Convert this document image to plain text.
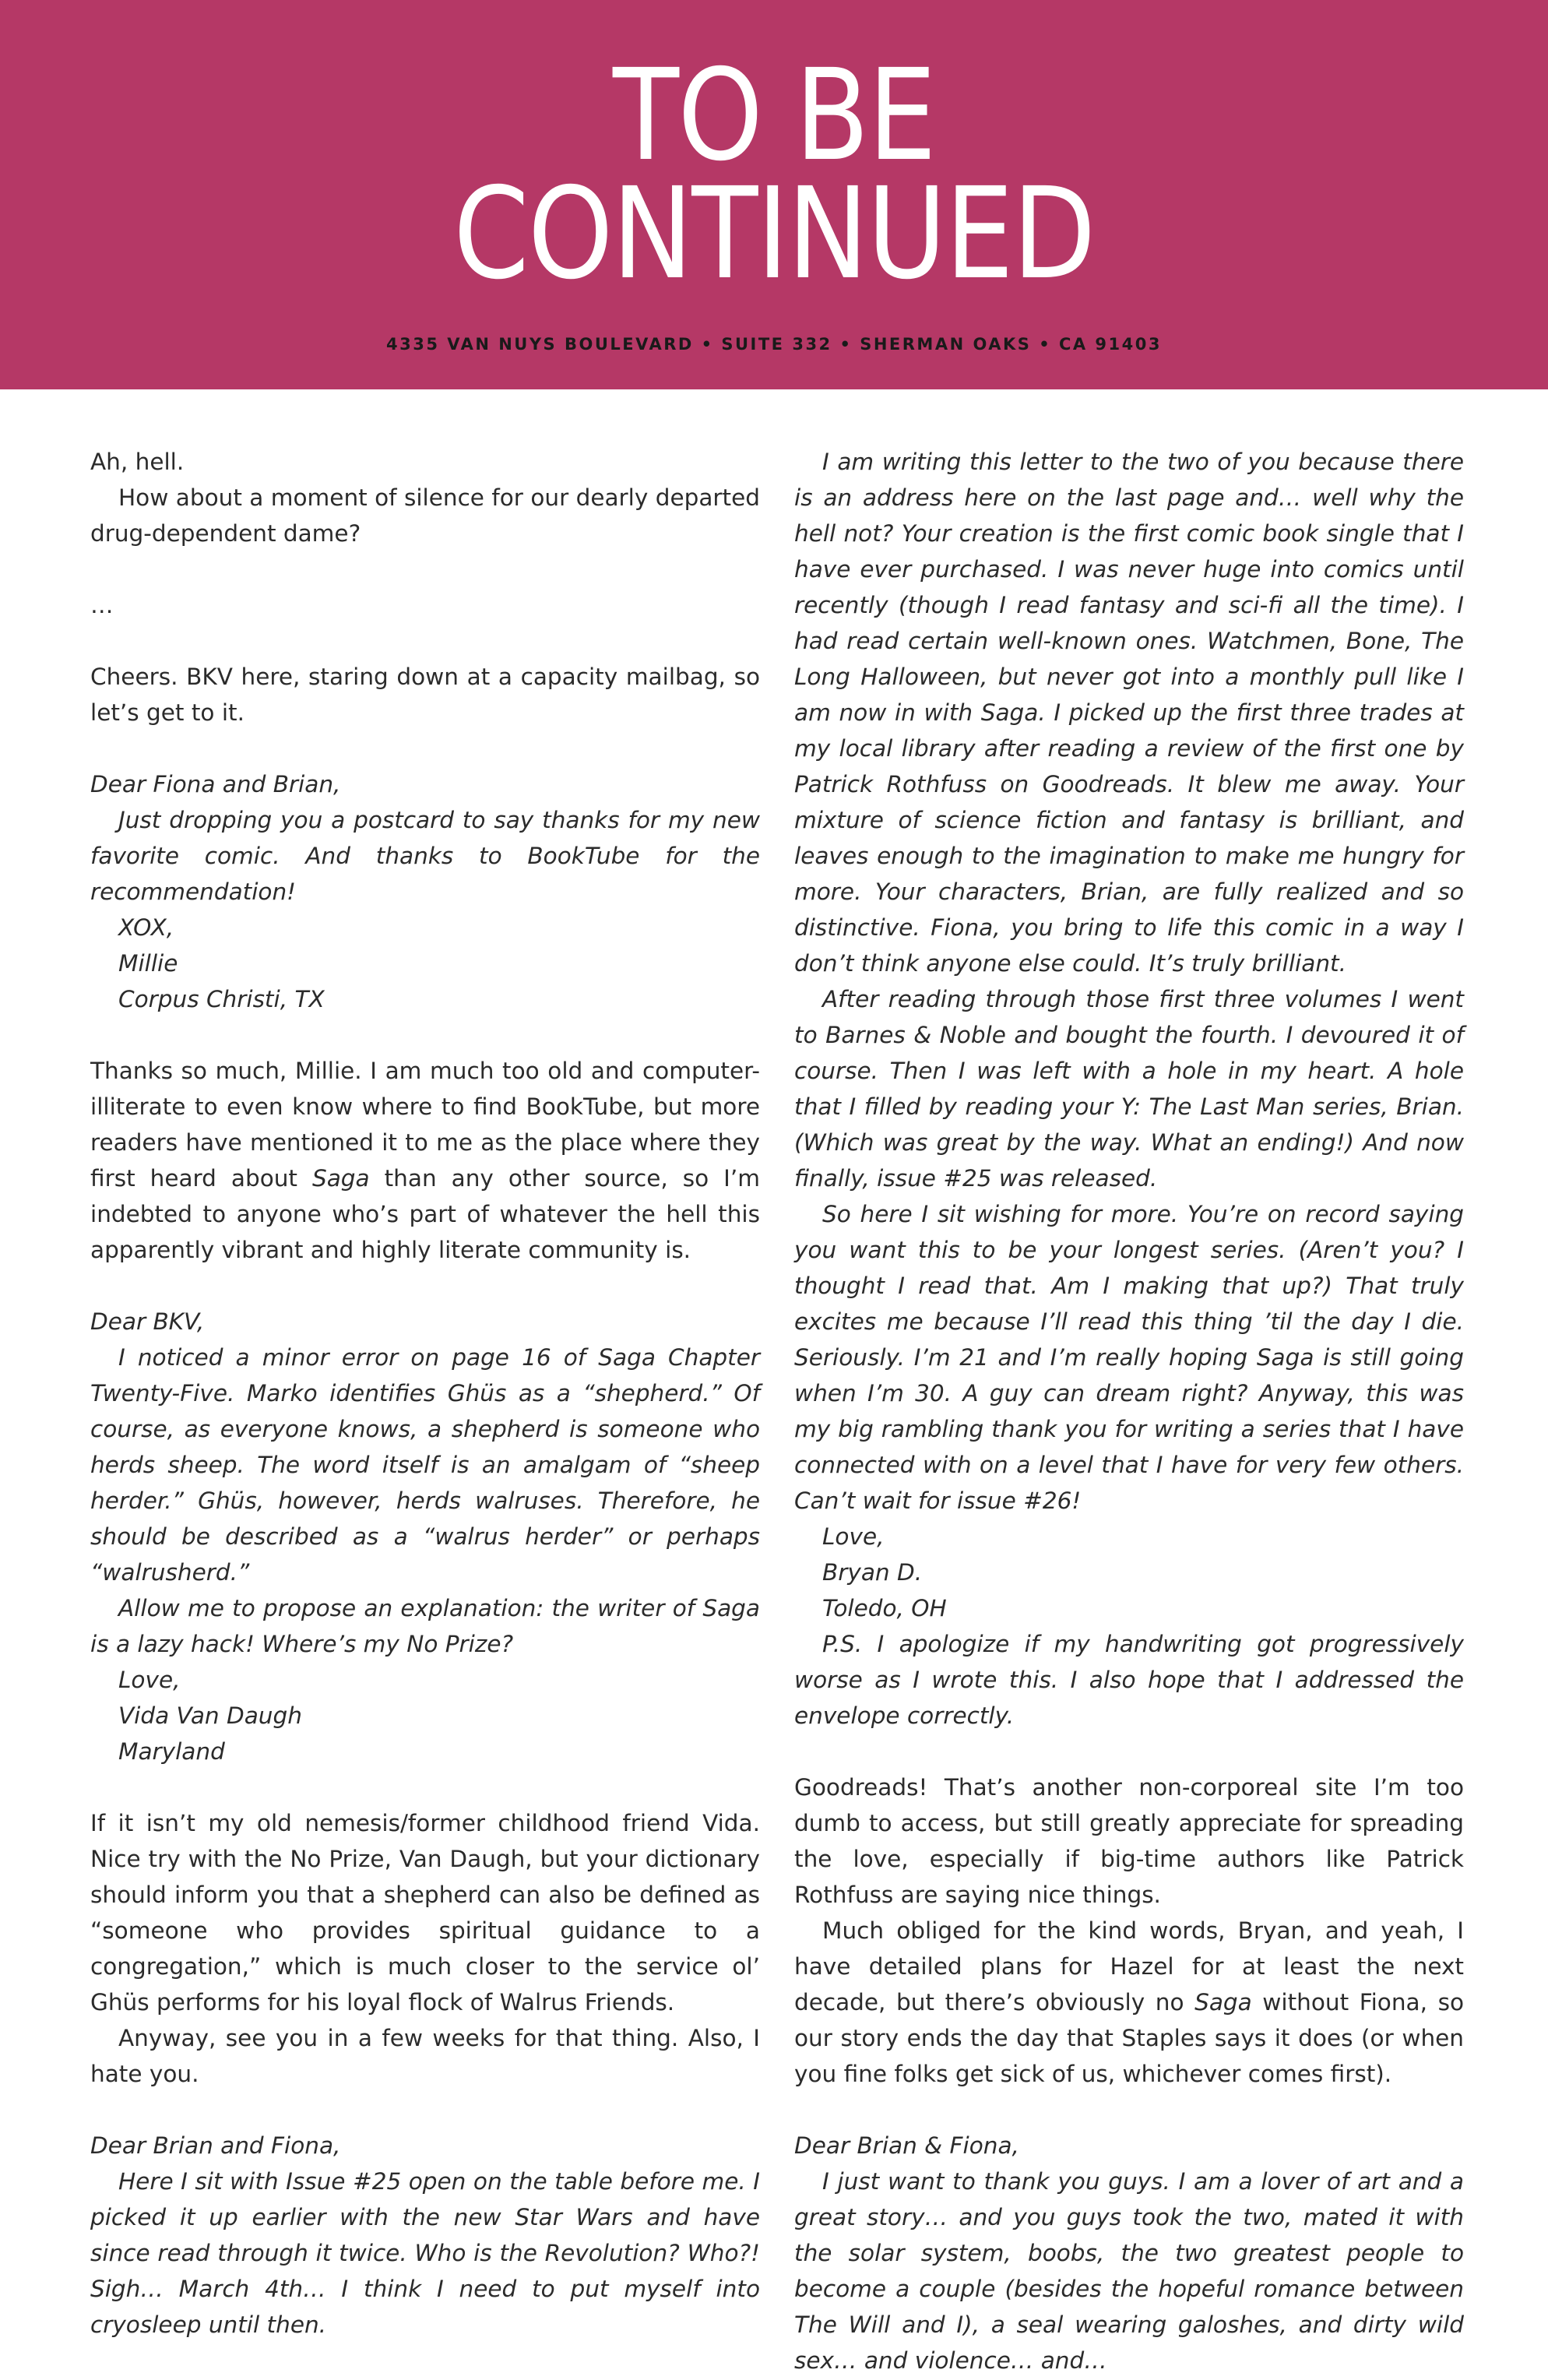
TO BE
CONTINUED
4335 VAN NUYS BOULEVARD • SUITE 332 • SHERMAN OAKS • CA 91403

Ah, hell.

How about a moment of silence for our dearly departed drug-dependent dame?

…

Cheers. BKV here, staring down at a capacity mailbag, so let’s get to it.

Dear Fiona and Brian,

Just dropping you a postcard to say thanks for my new favorite comic. And thanks to BookTube for the recommendation!

XOX,

Millie

Corpus Christi, TX

Thanks so much, Millie. I am much too old and computer-illiterate to even know where to find BookTube, but more readers have mentioned it to me as the place where they first heard about Saga than any other source, so I’m indebted to anyone who’s part of whatever the hell this apparently vibrant and highly literate community is.

Dear BKV,

I noticed a minor error on page 16 of Saga Chapter Twenty-Five. Marko identifies Ghüs as a “shepherd.” Of course, as everyone knows, a shepherd is someone who herds sheep. The word itself is an amalgam of “sheep herder.” Ghüs, however, herds walruses. Therefore, he should be described as a “walrus herder” or perhaps “walrusherd.”

Allow me to propose an explanation: the writer of Saga is a lazy hack! Where’s my No Prize?

Love,

Vida Van Daugh

Maryland

If it isn’t my old nemesis/former childhood friend Vida. Nice try with the No Prize, Van Daugh, but your dictionary should inform you that a shepherd can also be defined as “someone who provides spiritual guidance to a congregation,” which is much closer to the service ol’ Ghüs performs for his loyal flock of Walrus Friends.

Anyway, see you in a few weeks for that thing. Also, I hate you.

Dear Brian and Fiona,

Here I sit with Issue #25 open on the table before me. I picked it up earlier with the new Star Wars and have since read through it twice. Who is the Revolution? Who?! Sigh… March 4th… I think I need to put myself into cryosleep until then.

I am writing this letter to the two of you because there is an address here on the last page and… well why the hell not? Your creation is the first comic book single that I have ever purchased. I was never huge into comics until recently (though I read fantasy and sci-fi all the time). I had read certain well-known ones. Watchmen, Bone, The Long Halloween, but never got into a monthly pull like I am now in with Saga. I picked up the first three trades at my local library after reading a review of the first one by Patrick Rothfuss on Goodreads. It blew me away. Your mixture of science fiction and fantasy is brilliant, and leaves enough to the imagination to make me hungry for more. Your characters, Brian, are fully realized and so distinctive. Fiona, you bring to life this comic in a way I don’t think anyone else could. It’s truly brilliant.

After reading through those first three volumes I went to Barnes & Noble and bought the fourth. I devoured it of course. Then I was left with a hole in my heart. A hole that I filled by reading your Y: The Last Man series, Brian. (Which was great by the way. What an ending!) And now finally, issue #25 was released.

So here I sit wishing for more. You’re on record saying you want this to be your longest series. (Aren’t you? I thought I read that. Am I making that up?) That truly excites me because I’ll read this thing ’til the day I die. Seriously. I’m 21 and I’m really hoping Saga is still going when I’m 30. A guy can dream right? Anyway, this was my big rambling thank you for writing a series that I have connected with on a level that I have for very few others. Can’t wait for issue #26!

Love,

Bryan D.

Toledo, OH

P.S. I apologize if my handwriting got progressively worse as I wrote this. I also hope that I addressed the envelope correctly.

Goodreads! That’s another non-corporeal site I’m too dumb to access, but still greatly appreciate for spreading the love, especially if big-time authors like Patrick Rothfuss are saying nice things.

Much obliged for the kind words, Bryan, and yeah, I have detailed plans for Hazel for at least the next decade, but there’s obviously no Saga without Fiona, so our story ends the day that Staples says it does (or when you fine folks get sick of us, whichever comes first).

Dear Brian & Fiona,

I just want to thank you guys. I am a lover of art and a great story… and you guys took the two, mated it with the solar system, boobs, the two greatest people to become a couple (besides the hopeful romance between The Will and I), a seal wearing galoshes, and dirty wild sex… and violence… and…
